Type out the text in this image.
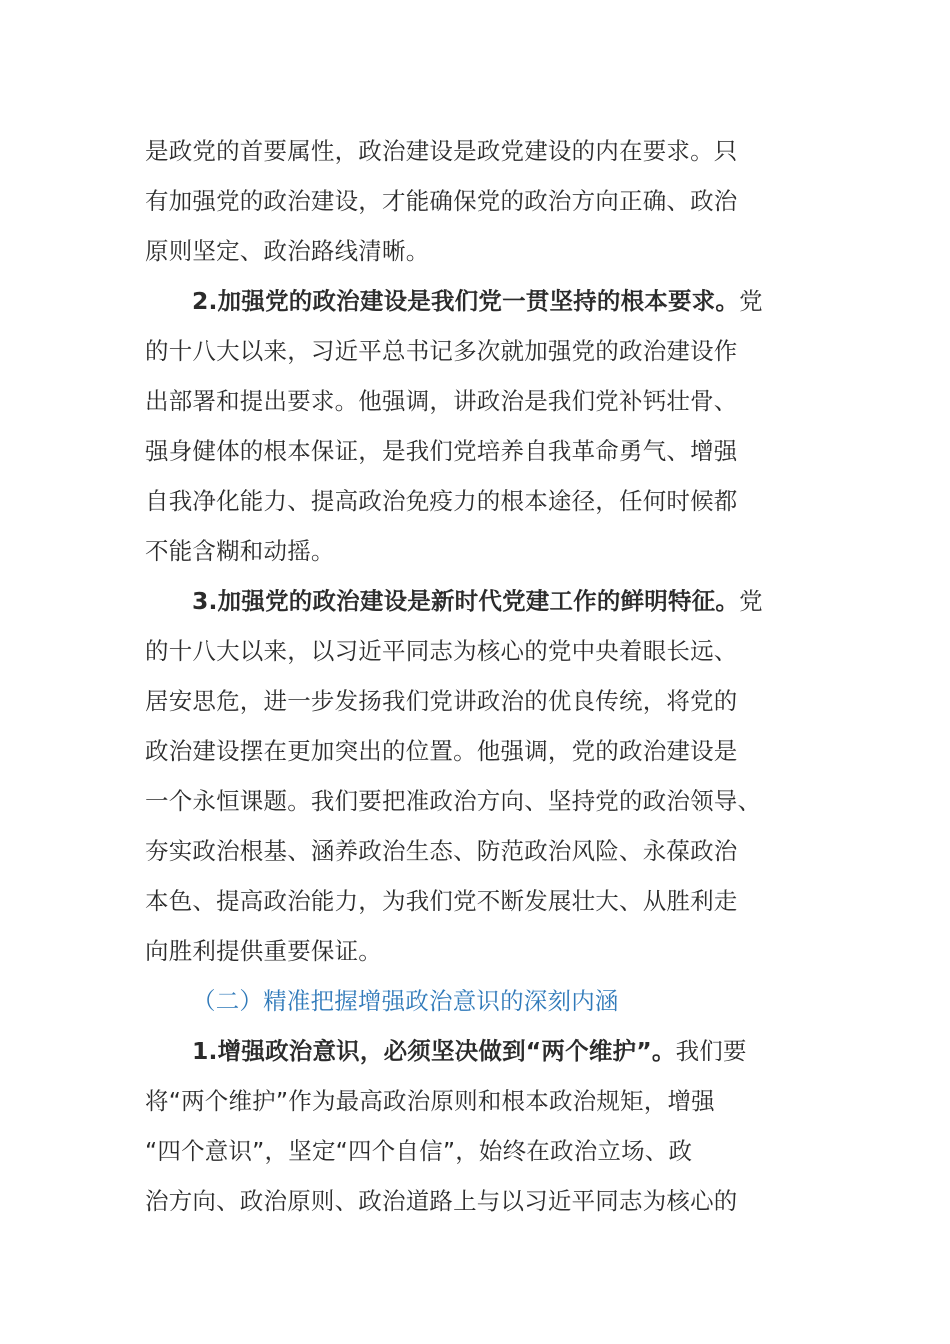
是政党的首要属性，政治建设是政党建设的内在要求。只
有加强党的政治建设，才能确保党的政治方向正确、政治
原则坚定、政治路线清晰。
2.加强党的政治建设是我们党一贯坚持的根本要求。党
的十八大以来，习近平总书记多次就加强党的政治建设作
出部署和提出要求。他强调，讲政治是我们党补钙壮骨、
强身健体的根本保证，是我们党培养自我革命勇气、增强
自我净化能力、提高政治免疫力的根本途径，任何时候都
不能含糊和动摇。
3.加强党的政治建设是新时代党建工作的鲜明特征。党
的十八大以来，以习近平同志为核心的党中央着眼长远、
居安思危，进一步发扬我们党讲政治的优良传统，将党的
政治建设摆在更加突出的位置。他强调，党的政治建设是
一个永恒课题。我们要把准政治方向、坚持党的政治领导、
夯实政治根基、涵养政治生态、防范政治风险、永葆政治
本色、提高政治能力，为我们党不断发展壮大、从胜利走
向胜利提供重要保证。
（二）精准把握增强政治意识的深刻内涵
1.增强政治意识，必须坚决做到“两个维护”。我们要
将“两个维护”作为最高政治原则和根本政治规矩，增强
“四个意识”，坚定“四个自信”，始终在政治立场、政
治方向、政治原则、政治道路上与以习近平同志为核心的
